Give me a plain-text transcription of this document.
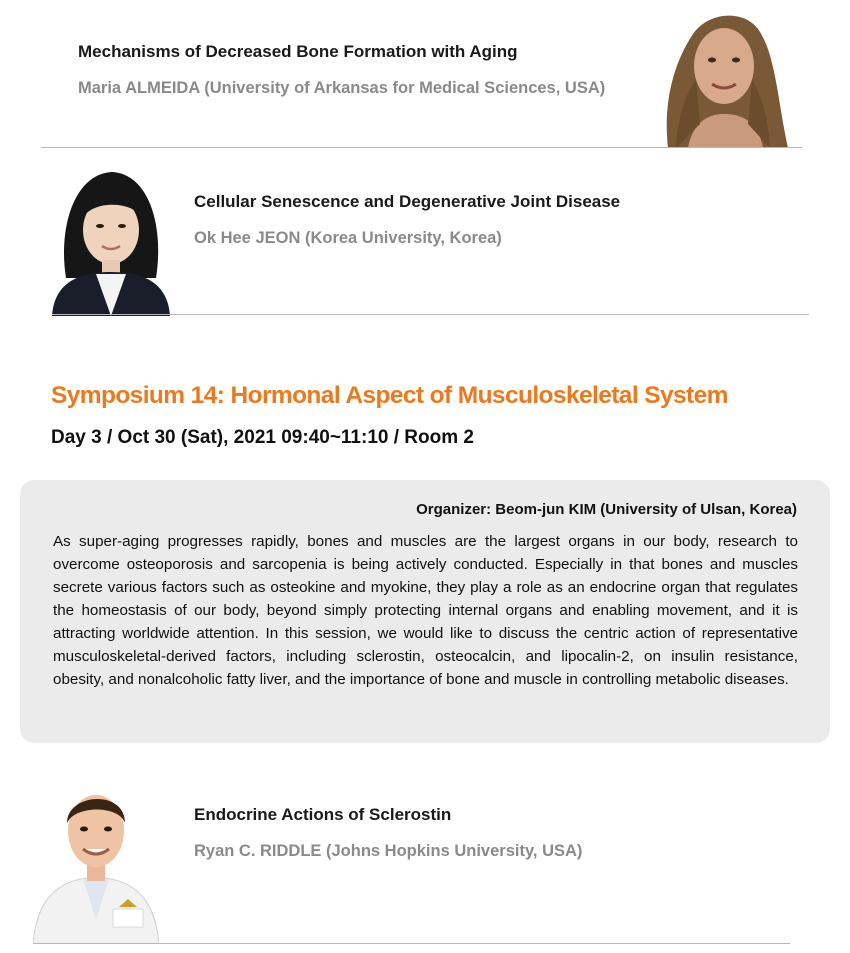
Mechanisms of Decreased Bone Formation with Aging
Maria ALMEIDA (University of Arkansas for Medical Sciences, USA)
Cellular Senescence and Degenerative Joint Disease
Ok Hee JEON (Korea University, Korea)
Symposium 14: Hormonal Aspect of Musculoskeletal System
Day 3 / Oct 30 (Sat), 2021 09:40~11:10 / Room 2
Organizer: Beom-jun KIM (University of Ulsan, Korea)

As super-aging progresses rapidly, bones and muscles are the largest organs in our body, research to overcome osteoporosis and sarcopenia is being actively conducted. Especially in that bones and muscles secrete various factors such as osteokine and myokine, they play a role as an endocrine organ that regulates the homeostasis of our body, beyond simply protecting internal organs and enabling movement, and it is attracting worldwide attention. In this session, we would like to discuss the centric action of representative musculoskeletal-derived factors, including sclerostin, osteocalcin, and lipocalin-2, on insulin resistance, obesity, and nonalcoholic fatty liver, and the importance of bone and muscle in controlling metabolic diseases.

Endocrine Actions of Sclerostin
Ryan C. RIDDLE (Johns Hopkins University, USA)
